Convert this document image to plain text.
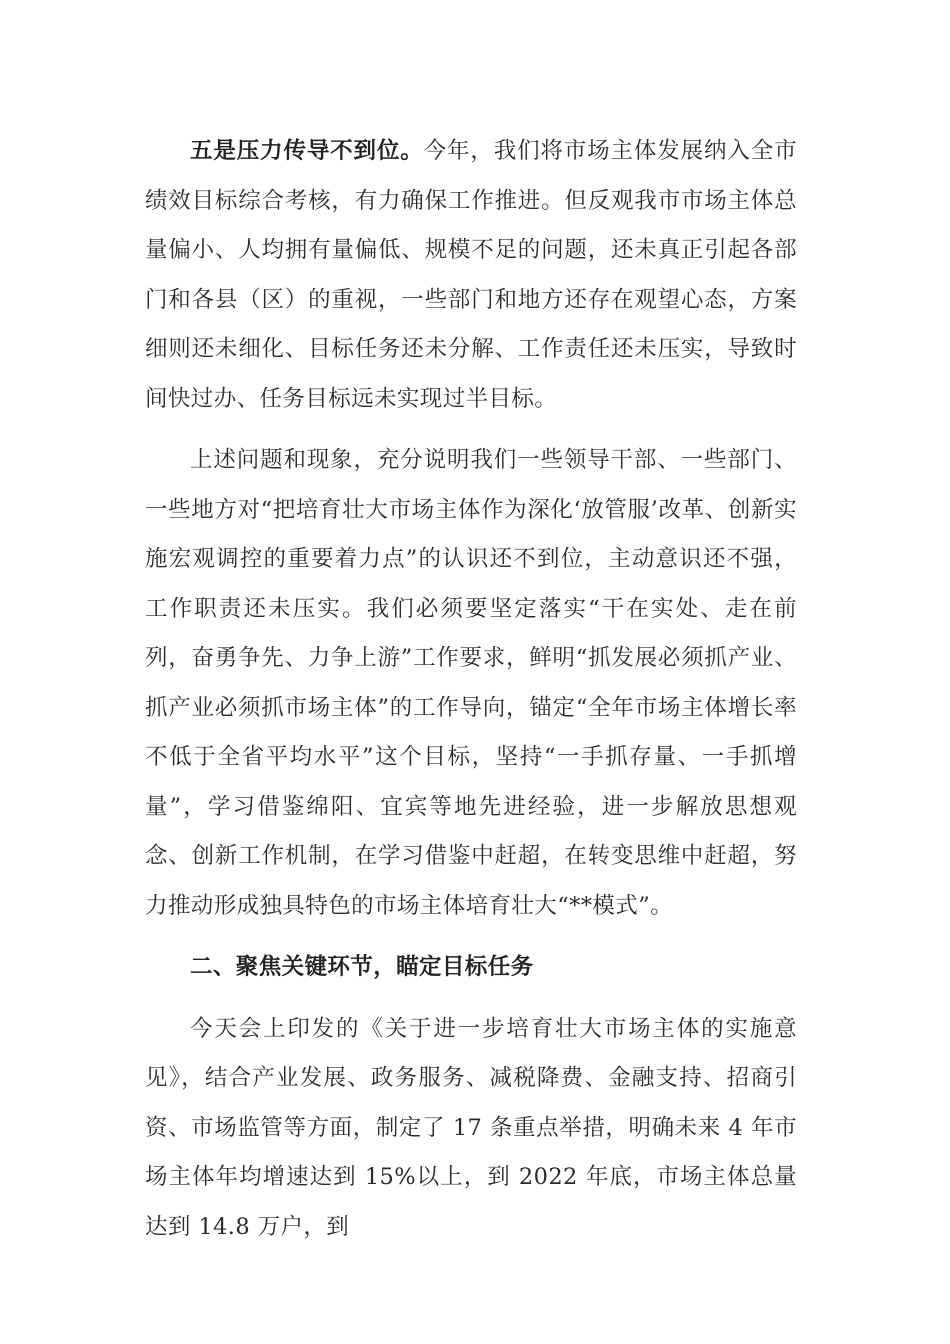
五是压力传导不到位。今年，我们将市场主体发展纳入全市绩效目标综合考核，有力确保工作推进。但反观我市市场主体总量偏小、人均拥有量偏低、规模不足的问题，还未真正引起各部门和各县（区）的重视，一些部门和地方还存在观望心态，方案细则还未细化、目标任务还未分解、工作责任还未压实，导致时间快过办、任务目标远未实现过半目标。

上述问题和现象，充分说明我们一些领导干部、一些部门、一些地方对“把培育壮大市场主体作为深化‘放管服’改革、创新实施宏观调控的重要着力点”的认识还不到位，主动意识还不强，工作职责还未压实。我们必须要坚定落实“干在实处、走在前列，奋勇争先、力争上游”工作要求，鲜明“抓发展必须抓产业、抓产业必须抓市场主体”的工作导向，锚定“全年市场主体增长率不低于全省平均水平”这个目标，坚持“一手抓存量、一手抓增量”，学习借鉴绵阳、宜宾等地先进经验，进一步解放思想观念、创新工作机制，在学习借鉴中赶超，在转变思维中赶超，努力推动形成独具特色的市场主体培育壮大“**模式”。

二、聚焦关键环节，瞄定目标任务

今天会上印发的《关于进一步培育壮大市场主体的实施意见》，结合产业发展、政务服务、减税降费、金融支持、招商引资、市场监管等方面，制定了 17 条重点举措，明确未来 4 年市场主体年均增速达到 15%以上，到 2022 年底，市场主体总量达到 14.8 万户，到
